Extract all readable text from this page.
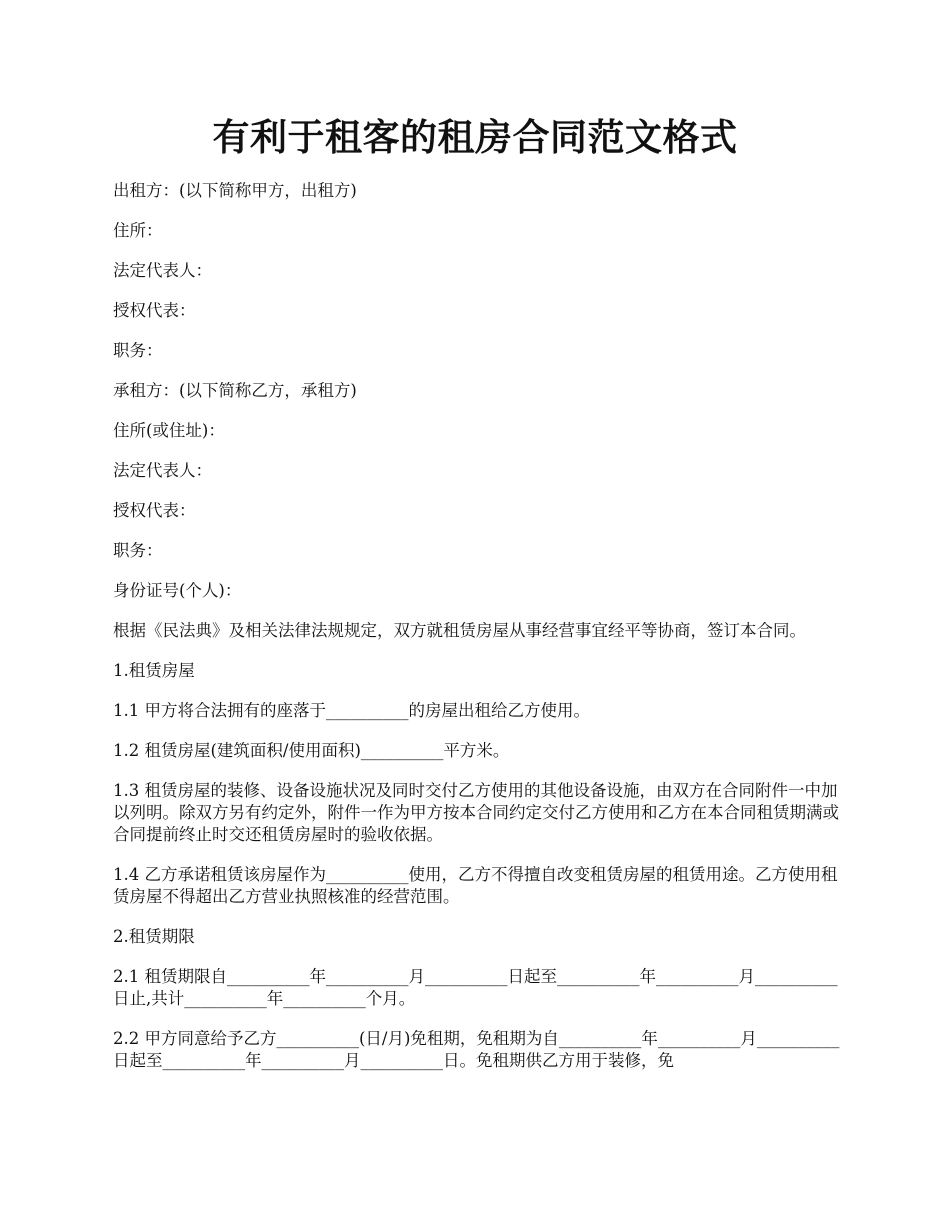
有利于租客的租房合同范文格式

出租方：(以下简称甲方，出租方)

住所：

法定代表人：

授权代表：

职务：

承租方：(以下简称乙方，承租方)

住所(或住址)：

法定代表人：

授权代表：

职务：

身份证号(个人)：

根据《民法典》及相关法律法规规定，双方就租赁房屋从事经营事宜经平等协商，签订本合同。

1.租赁房屋

1.1 甲方将合法拥有的座落于__________的房屋出租给乙方使用。

1.2 租赁房屋(建筑面积/使用面积)__________平方米。

1.3 租赁房屋的装修、设备设施状况及同时交付乙方使用的其他设备设施，由双方在合同附件一中加以列明。除双方另有约定外，附件一作为甲方按本合同约定交付乙方使用和乙方在本合同租赁期满或合同提前终止时交还租赁房屋时的验收依据。

1.4 乙方承诺租赁该房屋作为__________使用，乙方不得擅自改变租赁房屋的租赁用途。乙方使用租赁房屋不得超出乙方营业执照核准的经营范围。

2.租赁期限

2.1 租赁期限自__________年__________月__________日起至__________年__________月__________日止,共计__________年__________个月。

2.2 甲方同意给予乙方__________(日/月)免租期，免租期为自__________年__________月__________日起至__________年__________月__________日。免租期供乙方用于装修，免
